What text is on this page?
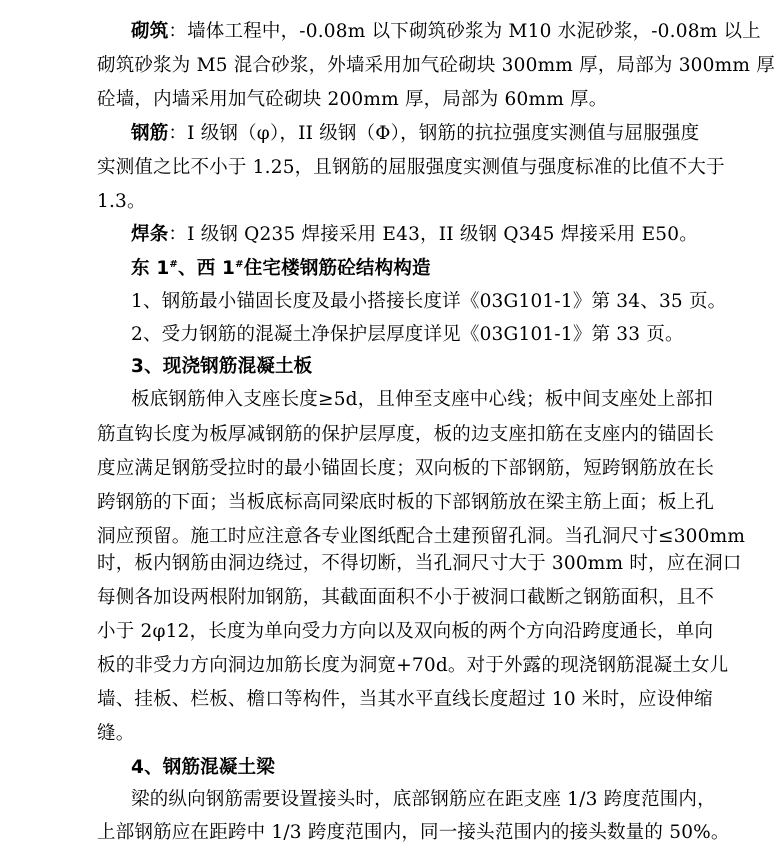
砌筑：墙体工程中，-0.08m 以下砌筑砂浆为 M10 水泥砂浆，-0.08m 以上
砌筑砂浆为 M5 混合砂浆，外墙采用加气砼砌块 300mm 厚，局部为 300mm 厚
砼墙，内墙采用加气砼砌块 200mm 厚，局部为 60mm 厚。
钢筋：I 级钢（φ），II 级钢（Φ），钢筋的抗拉强度实测值与屈服强度
实测值之比不小于 1.25，且钢筋的屈服强度实测值与强度标准的比值不大于
1.3。
焊条：I 级钢 Q235 焊接采用 E43，II 级钢 Q345 焊接采用 E50。
东 1#、西 1#住宅楼钢筋砼结构构造
1、钢筋最小锚固长度及最小搭接长度详《03G101-1》第 34、35 页。
2、受力钢筋的混凝土净保护层厚度详见《03G101-1》第 33 页。
3、现浇钢筋混凝土板
板底钢筋伸入支座长度≥5d，且伸至支座中心线；板中间支座处上部扣
筋直钩长度为板厚减钢筋的保护层厚度，板的边支座扣筋在支座内的锚固长
度应满足钢筋受拉时的最小锚固长度；双向板的下部钢筋，短跨钢筋放在长
跨钢筋的下面；当板底标高同梁底时板的下部钢筋放在梁主筋上面；板上孔
洞应预留。施工时应注意各专业图纸配合土建预留孔洞。当孔洞尺寸≤300mm
时，板内钢筋由洞边绕过，不得切断，当孔洞尺寸大于 300mm 时，应在洞口
每侧各加设两根附加钢筋，其截面面积不小于被洞口截断之钢筋面积，且不
小于 2φ12，长度为单向受力方向以及双向板的两个方向沿跨度通长，单向
板的非受力方向洞边加筋长度为洞宽+70d。对于外露的现浇钢筋混凝土女儿
墙、挂板、栏板、檐口等构件，当其水平直线长度超过 10 米时，应设伸缩
缝。
4、钢筋混凝土梁
梁的纵向钢筋需要设置接头时，底部钢筋应在距支座 1/3 跨度范围内，
上部钢筋应在距跨中 1/3 跨度范围内，同一接头范围内的接头数量的 50%。
